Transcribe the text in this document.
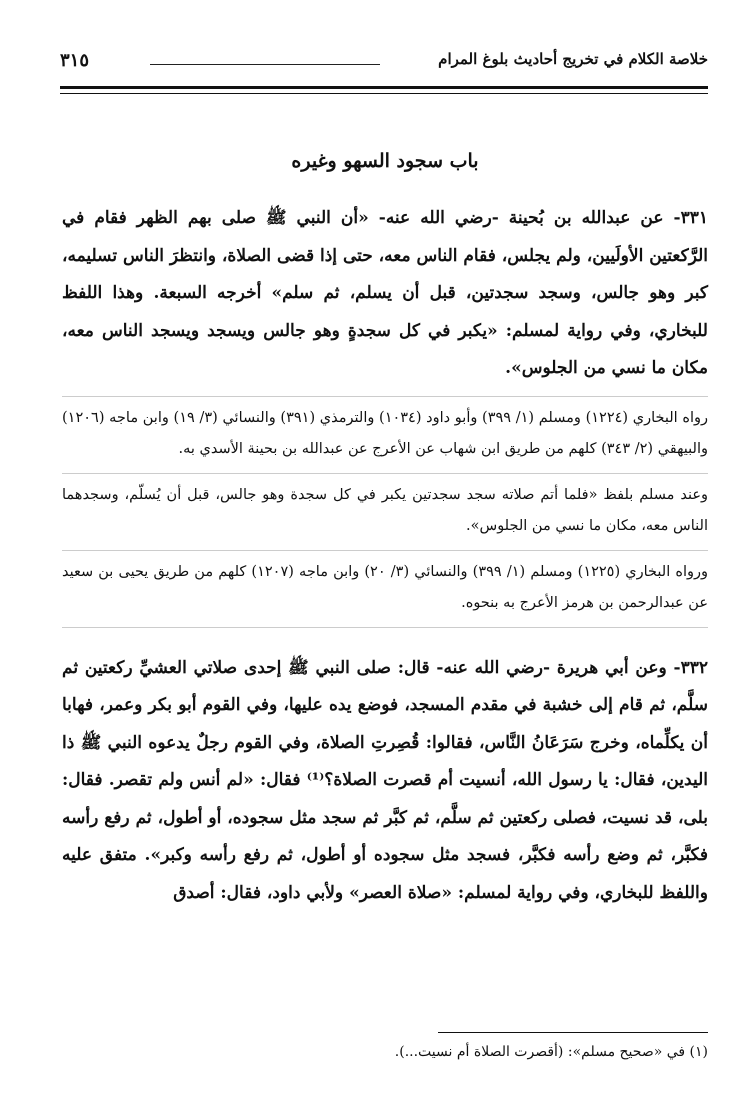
٣١٥	خلاصة الكلام في تخريج أحاديث بلوغ المرام
باب سجود السهو وغيره

٣٣١- عن عبدالله بن بُحينة -رضي الله عنه- «أن النبي ﷺ صلى بهم الظهر فقام في الرَّكعتين الأولَيين، ولم يجلس، فقام الناس معه، حتى إذا قضى الصلاة، وانتظرَ الناس تسليمه، كبر وهو جالس، وسجد سجدتين، قبل أن يسلم، ثم سلم» أخرجه السبعة. وهذا اللفظ للبخاري، وفي رواية لمسلم: «يكبر في كل سجدةٍ وهو جالس ويسجد ويسجد الناس معه، مكان ما نسي من الجلوس».

رواه البخاري (١٢٢٤) ومسلم (١/ ٣٩٩) وأبو داود (١٠٣٤) والترمذي (٣٩١) والنسائي (٣/ ١٩) وابن ماجه (١٢٠٦) والبيهقي (٢/ ٣٤٣) كلهم من طريق ابن شهاب عن الأعرج عن عبدالله بن بحينة الأسدي به.

وعند مسلم بلفظ «فلما أتم صلاته سجد سجدتين يكبر في كل سجدة وهو جالس، قبل أن يُسلّم، وسجدهما الناس معه، مكان ما نسي من الجلوس».

ورواه البخاري (١٢٢٥) ومسلم (١/ ٣٩٩) والنسائي (٣/ ٢٠) وابن ماجه (١٢٠٧) كلهم من طريق يحيى بن سعيد عن عبدالرحمن بن هرمز الأعرج به بنحوه.

٣٣٢- وعن أبي هريرة -رضي الله عنه- قال: صلى النبي ﷺ إحدى صلاتي العشيِّ ركعتين ثم سلَّم، ثم قام إلى خشبة في مقدم المسجد، فوضع يده عليها، وفي القوم أبو بكر وعمر، فهابا أن يكلِّماه، وخرج سَرَعَانُ النَّاس، فقالوا: قُصِرتِ الصلاة، وفي القوم رجلٌ يدعوه النبي ﷺ ذا اليدين، فقال: يا رسول الله، أنسيت أم قصرت الصلاة؟⁽¹⁾ فقال: «لم أنس ولم تقصر. فقال: بلى، قد نسيت، فصلى ركعتين ثم سلَّم، ثم كبَّر ثم سجد مثل سجوده، أو أطول، ثم رفع رأسه فكبَّر، ثم وضع رأسه فكبَّر، فسجد مثل سجوده أو أطول، ثم رفع رأسه وكبر». متفق عليه واللفظ للبخاري، وفي رواية لمسلم: «صلاة العصر» ولأبي داود، فقال: أصدق

(١) في «صحيح مسلم»: (أقصرت الصلاة أم نسيت...).
